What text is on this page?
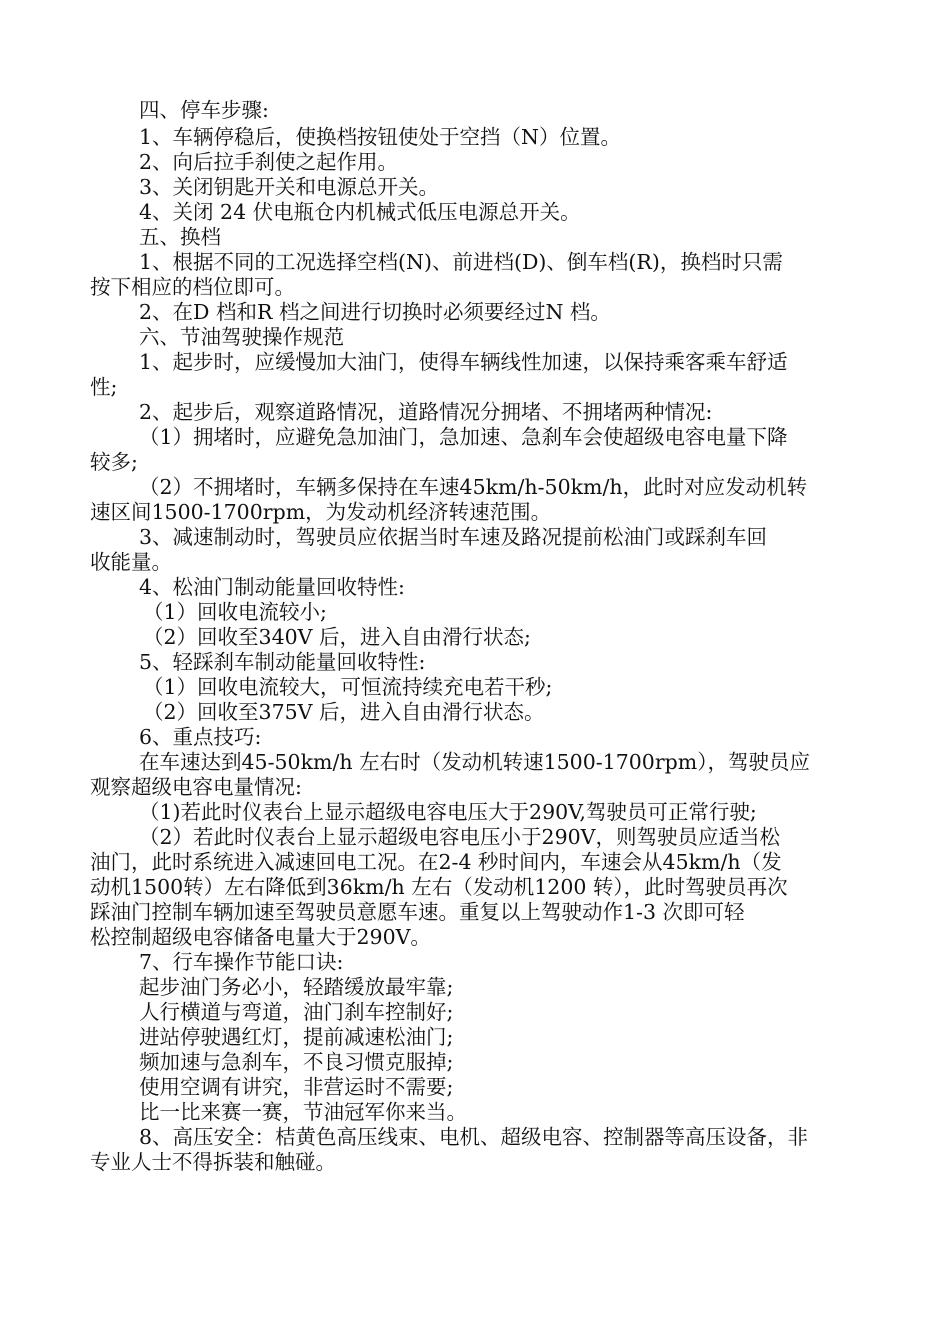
四、停车步骤:
1、车辆停稳后，使换档按钮使处于空挡（N）位置。
2、向后拉手刹使之起作用。
3、关闭钥匙开关和电源总开关。
4、关闭 24 伏电瓶仓内机械式低压电源总开关。
五、换档
1、根据不同的工况选择空档(N)、前进档(D)、倒车档(R)，换档时只需
按下相应的档位即可。
2、在D 档和R 档之间进行切换时必须要经过N 档。
六、节油驾驶操作规范
1、起步时，应缓慢加大油门，使得车辆线性加速，以保持乘客乘车舒适
性;
2、起步后，观察道路情况，道路情况分拥堵、不拥堵两种情况:
（1）拥堵时，应避免急加油门，急加速、急刹车会使超级电容电量下降
较多;
（2）不拥堵时，车辆多保持在车速45km/h-50km/h，此时对应发动机转
速区间1500-1700rpm，为发动机经济转速范围。
3、减速制动时，驾驶员应依据当时车速及路况提前松油门或踩刹车回
收能量。
4、松油门制动能量回收特性:
（1）回收电流较小;
（2）回收至340V 后，进入自由滑行状态;
5、轻踩刹车制动能量回收特性:
（1）回收电流较大，可恒流持续充电若干秒;
（2）回收至375V 后，进入自由滑行状态。
6、重点技巧:
在车速达到45-50km/h 左右时（发动机转速1500-1700rpm），驾驶员应
观察超级电容电量情况:
（1)若此时仪表台上显示超级电容电压大于290V,驾驶员可正常行驶;
（2）若此时仪表台上显示超级电容电压小于290V，则驾驶员应适当松
油门，此时系统进入减速回电工况。在2-4 秒时间内，车速会从45km/h（发
动机1500转）左右降低到36km/h 左右（发动机1200 转），此时驾驶员再次
踩油门控制车辆加速至驾驶员意愿车速。重复以上驾驶动作1-3 次即可轻
松控制超级电容储备电量大于290V。
7、行车操作节能口诀:
起步油门务必小，轻踏缓放最牢靠;
人行横道与弯道，油门刹车控制好;
进站停驶遇红灯，提前减速松油门;
频加速与急刹车，不良习惯克服掉;
使用空调有讲究，非营运时不需要;
比一比来赛一赛，节油冠军你来当。
8、高压安全：桔黄色高压线束、电机、超级电容、控制器等高压设备，非
专业人士不得拆装和触碰。
